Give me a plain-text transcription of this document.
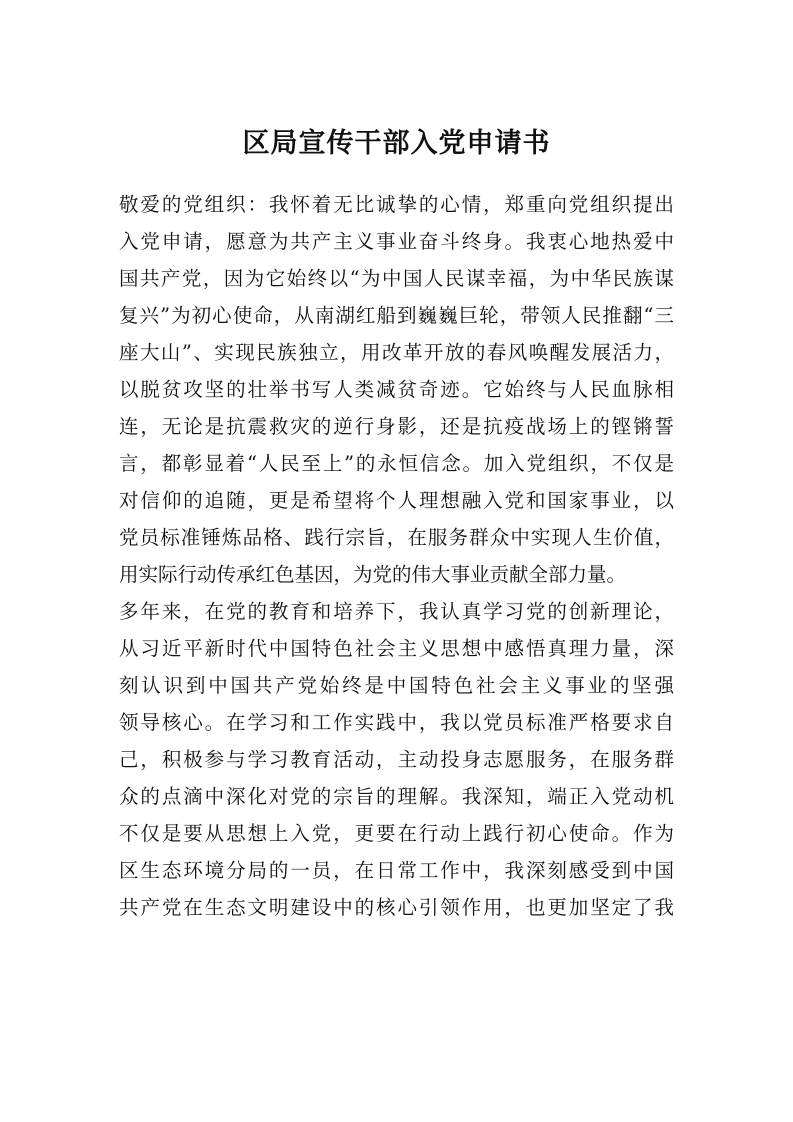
区局宣传干部入党申请书
敬爱的党组织：我怀着无比诚挚的心情，郑重向党组织提出
入党申请，愿意为共产主义事业奋斗终身。我衷心地热爱中
国共产党，因为它始终以“为中国人民谋幸福，为中华民族谋
复兴”为初心使命，从南湖红船到巍巍巨轮，带领人民推翻“三
座大山”、实现民族独立，用改革开放的春风唤醒发展活力，
以脱贫攻坚的壮举书写人类减贫奇迹。它始终与人民血脉相
连，无论是抗震救灾的逆行身影，还是抗疫战场上的铿锵誓
言，都彰显着“人民至上”的永恒信念。加入党组织，不仅是
对信仰的追随，更是希望将个人理想融入党和国家事业，以
党员标准锤炼品格、践行宗旨，在服务群众中实现人生价值，
用实际行动传承红色基因，为党的伟大事业贡献全部力量。
多年来，在党的教育和培养下，我认真学习党的创新理论，
从习近平新时代中国特色社会主义思想中感悟真理力量，深
刻认识到中国共产党始终是中国特色社会主义事业的坚强
领导核心。在学习和工作实践中，我以党员标准严格要求自
己，积极参与学习教育活动，主动投身志愿服务，在服务群
众的点滴中深化对党的宗旨的理解。我深知，端正入党动机
不仅是要从思想上入党，更要在行动上践行初心使命。作为
区生态环境分局的一员，在日常工作中，我深刻感受到中国
共产党在生态文明建设中的核心引领作用，也更加坚定了我
